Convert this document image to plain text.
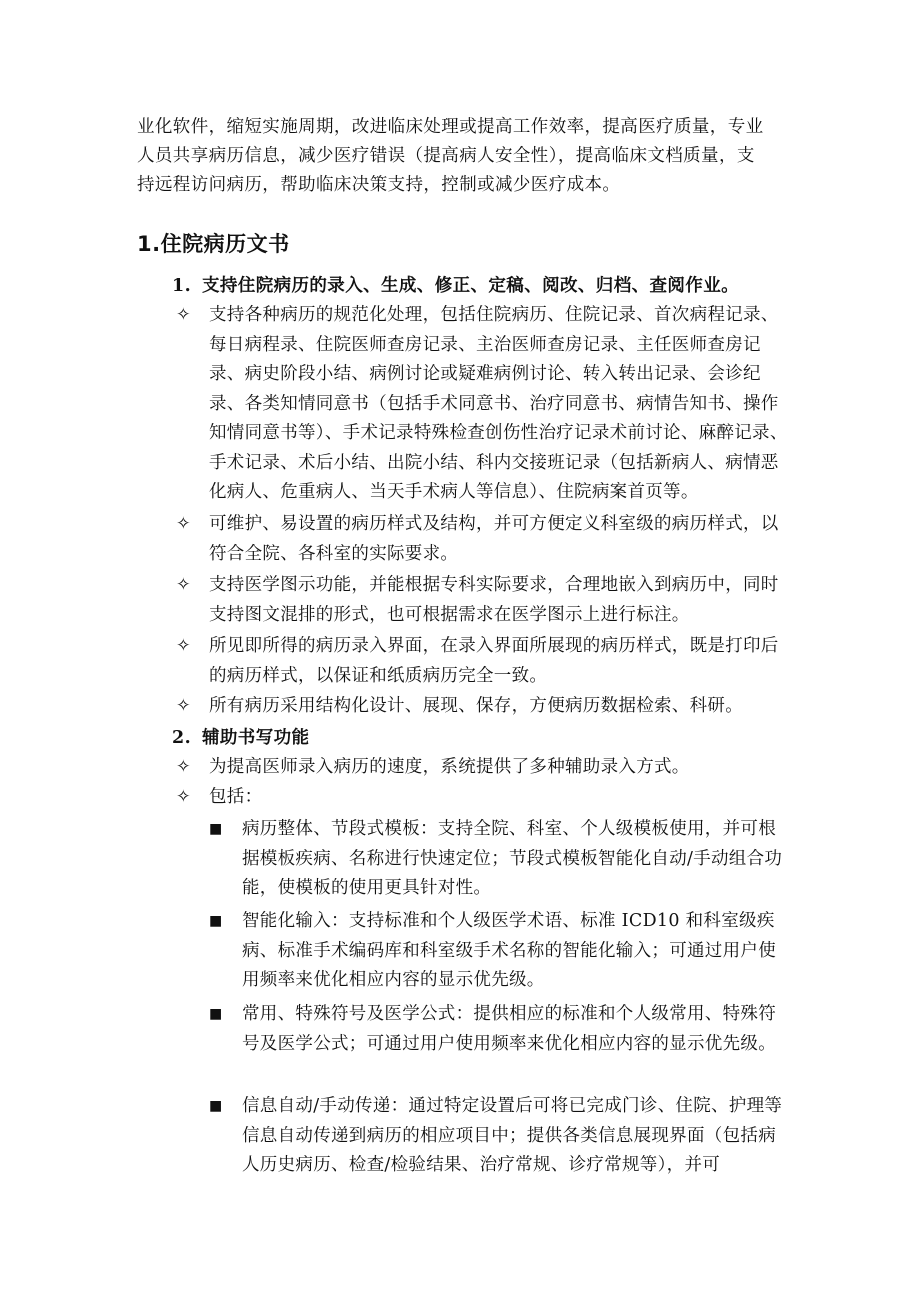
业化软件，缩短实施周期，改进临床处理或提高工作效率，提高医疗质量，专业

人员共享病历信息，减少医疗错误（提高病人安全性），提高临床文档质量，支

持远程访问病历，帮助临床决策支持，控制或减少医疗成本。

1.住院病历文书
1. 支持住院病历的录入、生成、修正、定稿、阅改、归档、查阅作业。
✧	支持各种病历的规范化处理，包括住院病历、住院记录、首次病程记录、每日病程录、住院医师查房记录、主治医师查房记录、主任医师查房记录、病史阶段小结、病例讨论或疑难病例讨论、转入转出记录、会诊纪录、各类知情同意书（包括手术同意书、治疗同意书、病情告知书、操作知情同意书等）、手术记录特殊检查创伤性治疗记录术前讨论、麻醉记录、手术记录、术后小结、出院小结、科内交接班记录（包括新病人、病情恶化病人、危重病人、当天手术病人等信息）、住院病案首页等。
✧	可维护、易设置的病历样式及结构，并可方便定义科室级的病历样式，以符合全院、各科室的实际要求。
✧	支持医学图示功能，并能根据专科实际要求，合理地嵌入到病历中，同时支持图文混排的形式，也可根据需求在医学图示上进行标注。
✧	所见即所得的病历录入界面，在录入界面所展现的病历样式，既是打印后的病历样式，以保证和纸质病历完全一致。
✧	所有病历采用结构化设计、展现、保存，方便病历数据检索、科研。
2. 辅助书写功能
✧	为提高医师录入病历的速度，系统提供了多种辅助录入方式。
✧	包括：
■ 病历整体、节段式模板：支持全院、科室、个人级模板使用，并可根据模板疾病、名称进行快速定位；节段式模板智能化自动/手动组合功能，使模板的使用更具针对性。
■ 智能化输入：支持标准和个人级医学术语、标准 ICD10 和科室级疾病、标准手术编码库和科室级手术名称的智能化输入；可通过用户使用频率来优化相应内容的显示优先级。
■ 常用、特殊符号及医学公式：提供相应的标准和个人级常用、特殊符号及医学公式；可通过用户使用频率来优化相应内容的显示优先级。
■ 信息自动/手动传递：通过特定设置后可将已完成门诊、住院、护理等信息自动传递到病历的相应项目中；提供各类信息展现界面（包括病人历史病历、检查/检验结果、治疗常规、诊疗常规等），并可
